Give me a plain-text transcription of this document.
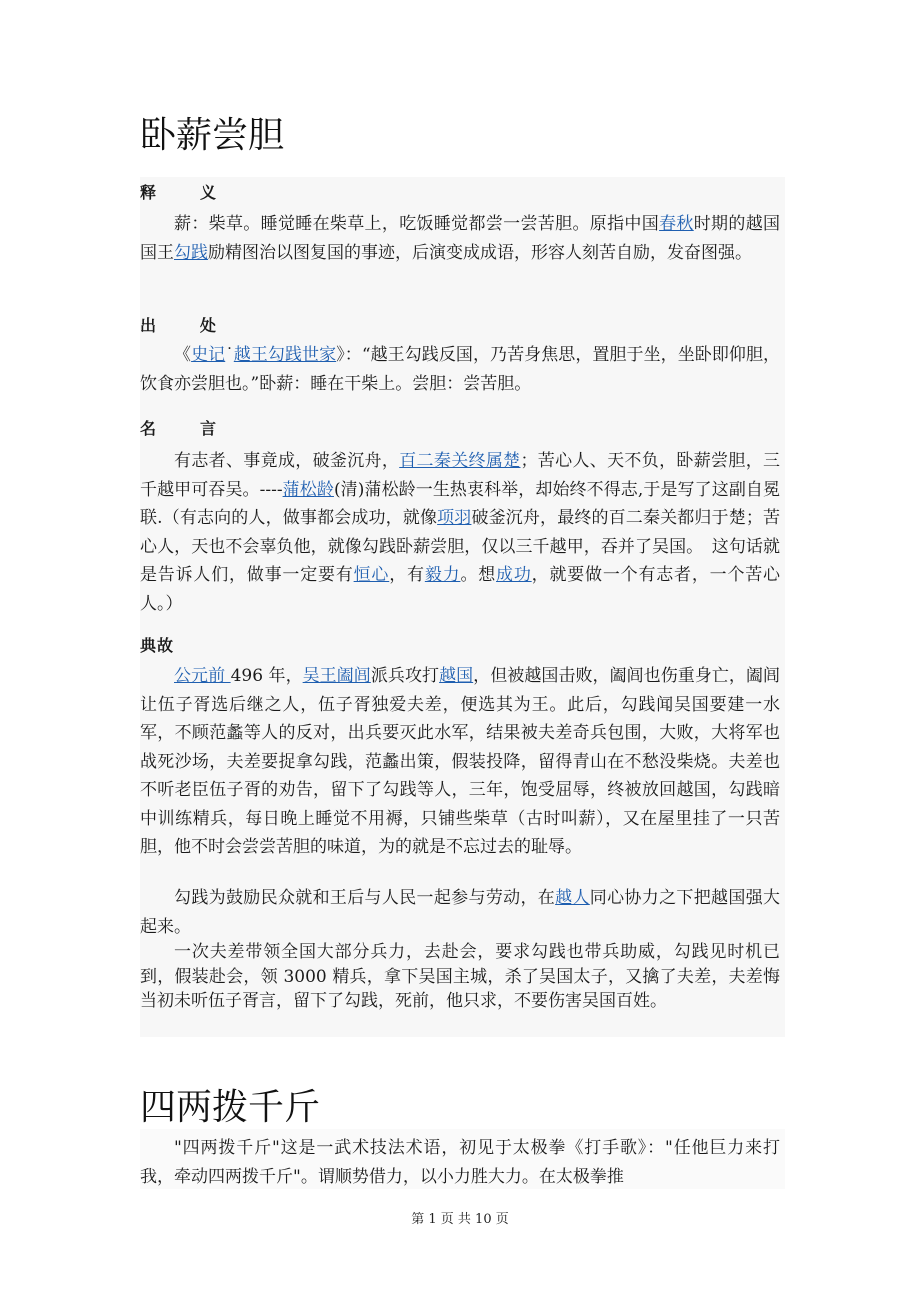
卧薪尝胆
释　义

薪：柴草。睡觉睡在柴草上，吃饭睡觉都尝一尝苦胆。原指中国春秋时期的越国国王勾践励精图治以图复国的事迹，后演变成成语，形容人刻苦自励，发奋图强。

出　处

《史记˙越王勾践世家》：“越王勾践反国，乃苦身焦思，置胆于坐，坐卧即仰胆，饮食亦尝胆也。”卧薪：睡在干柴上。尝胆：尝苦胆。

名　言

有志者、事竟成，破釜沉舟，百二秦关终属楚；苦心人、天不负，卧薪尝胆，三千越甲可吞吴。----蒲松龄(清)蒲松龄一生热衷科举，却始终不得志,于是写了这副自冕联.（有志向的人，做事都会成功，就像项羽破釜沉舟，最终的百二秦关都归于楚；苦心人，天也不会辜负他，就像勾践卧薪尝胆，仅以三千越甲，吞并了吴国。　这句话就是告诉人们，做事一定要有恒心，有毅力。想成功，就要做一个有志者，一个苦心人。）

典故

公元前 496 年，吴王阖闾派兵攻打越国，但被越国击败，阖闾也伤重身亡，阖闾让伍子胥选后继之人，伍子胥独爱夫差，便选其为王。此后，勾践闻吴国要建一水军，不顾范蠡等人的反对，出兵要灭此水军，结果被夫差奇兵包围，大败，大将军也战死沙场，夫差要捉拿勾践，范蠡出策，假装投降，留得青山在不愁没柴烧。夫差也不听老臣伍子胥的劝告，留下了勾践等人，三年，饱受屈辱，终被放回越国，勾践暗中训练精兵，每日晚上睡觉不用褥，只铺些柴草（古时叫薪），又在屋里挂了一只苦胆，他不时会尝尝苦胆的味道，为的就是不忘过去的耻辱。

勾践为鼓励民众就和王后与人民一起参与劳动，在越人同心协力之下把越国强大起来。

一次夫差带领全国大部分兵力，去赴会，要求勾践也带兵助威，勾践见时机已到，假装赴会，领 3000 精兵，拿下吴国主城，杀了吴国太子，又擒了夫差，夫差悔当初未听伍子胥言，留下了勾践，死前，他只求，不要伤害吴国百姓。

四两拨千斤

"四两拨千斤"这是一武术技法术语，初见于太极拳《打手歌》："任他巨力来打我，牵动四两拨千斤"。谓顺势借力，以小力胜大力。在太极拳推

第 1 页 共 10 页
